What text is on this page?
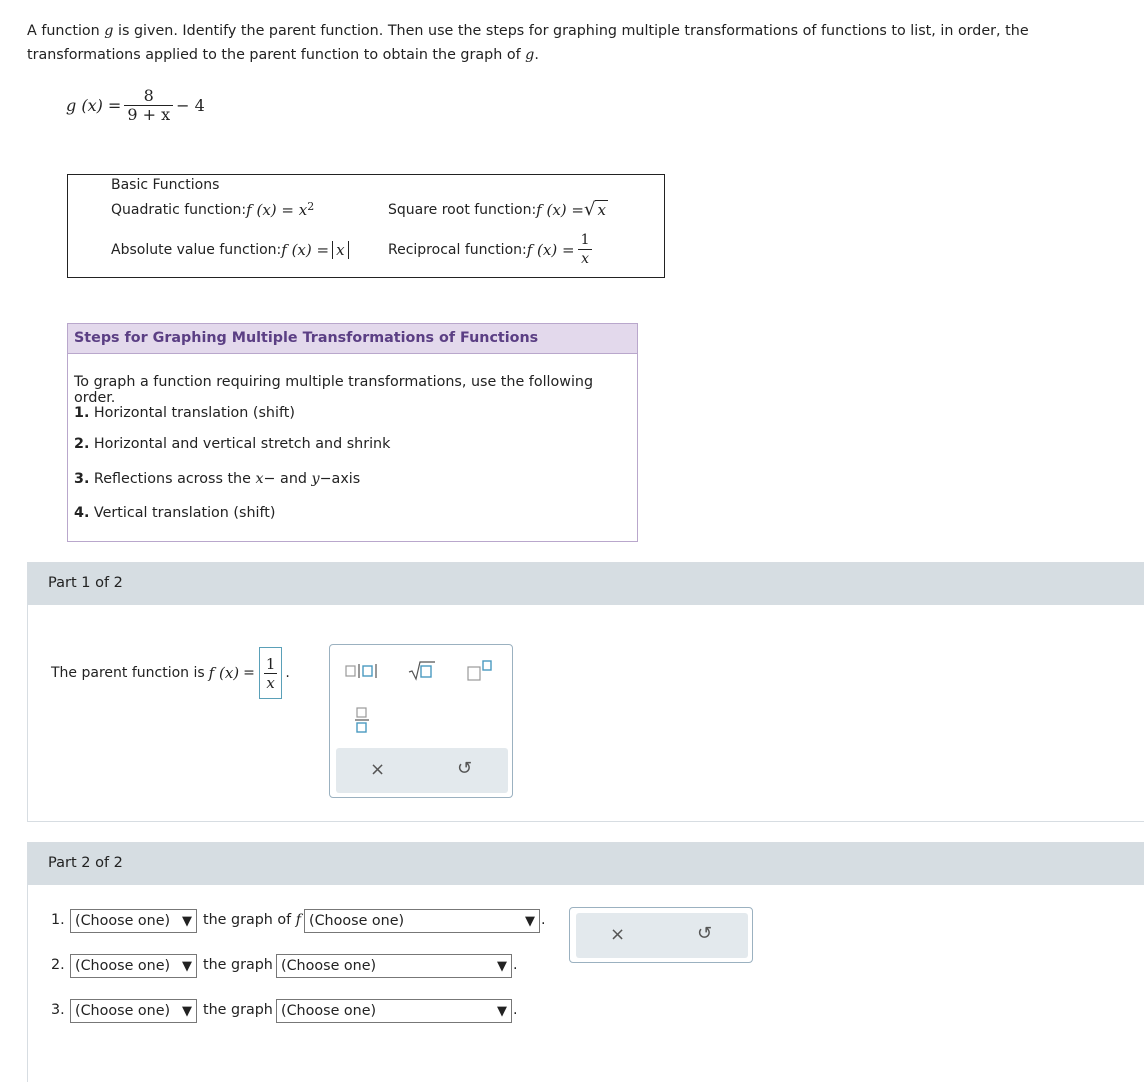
A function g is given. Identify the parent function. Then use the steps for graphing multiple transformations of functions to list, in order, the transformations applied to the parent function to obtain the graph of g.
g $(x) = \frac{8}{9 + x} - 4$
Basic Functions
Quadratic function: f $(x) = x^2$	Square root function: f (x) = √ x
Absolute value function: f (x) = x	Reciprocal function: f $(x) = \frac{1}{x}$
Steps for Graphing Multiple Transformations of Functions
To graph a function requiring multiple transformations, use the following order.
1. Horizontal translation (shift)
2. Horizontal and vertical stretch and shrink
3. Reflections across the x− and y−axis
4. Vertical translation (shift)
Part 1 of 2
The parent function is f $(x) = \frac{1}{x}$ .
×	↺
Part 2 of 2
1. (Choose one) ▼ the graph of f (Choose one)	▼ .
2. (Choose one) ▼ the graph (Choose one)	▼ .
3. (Choose one) ▼ the graph (Choose one)	▼ .
×	↺
